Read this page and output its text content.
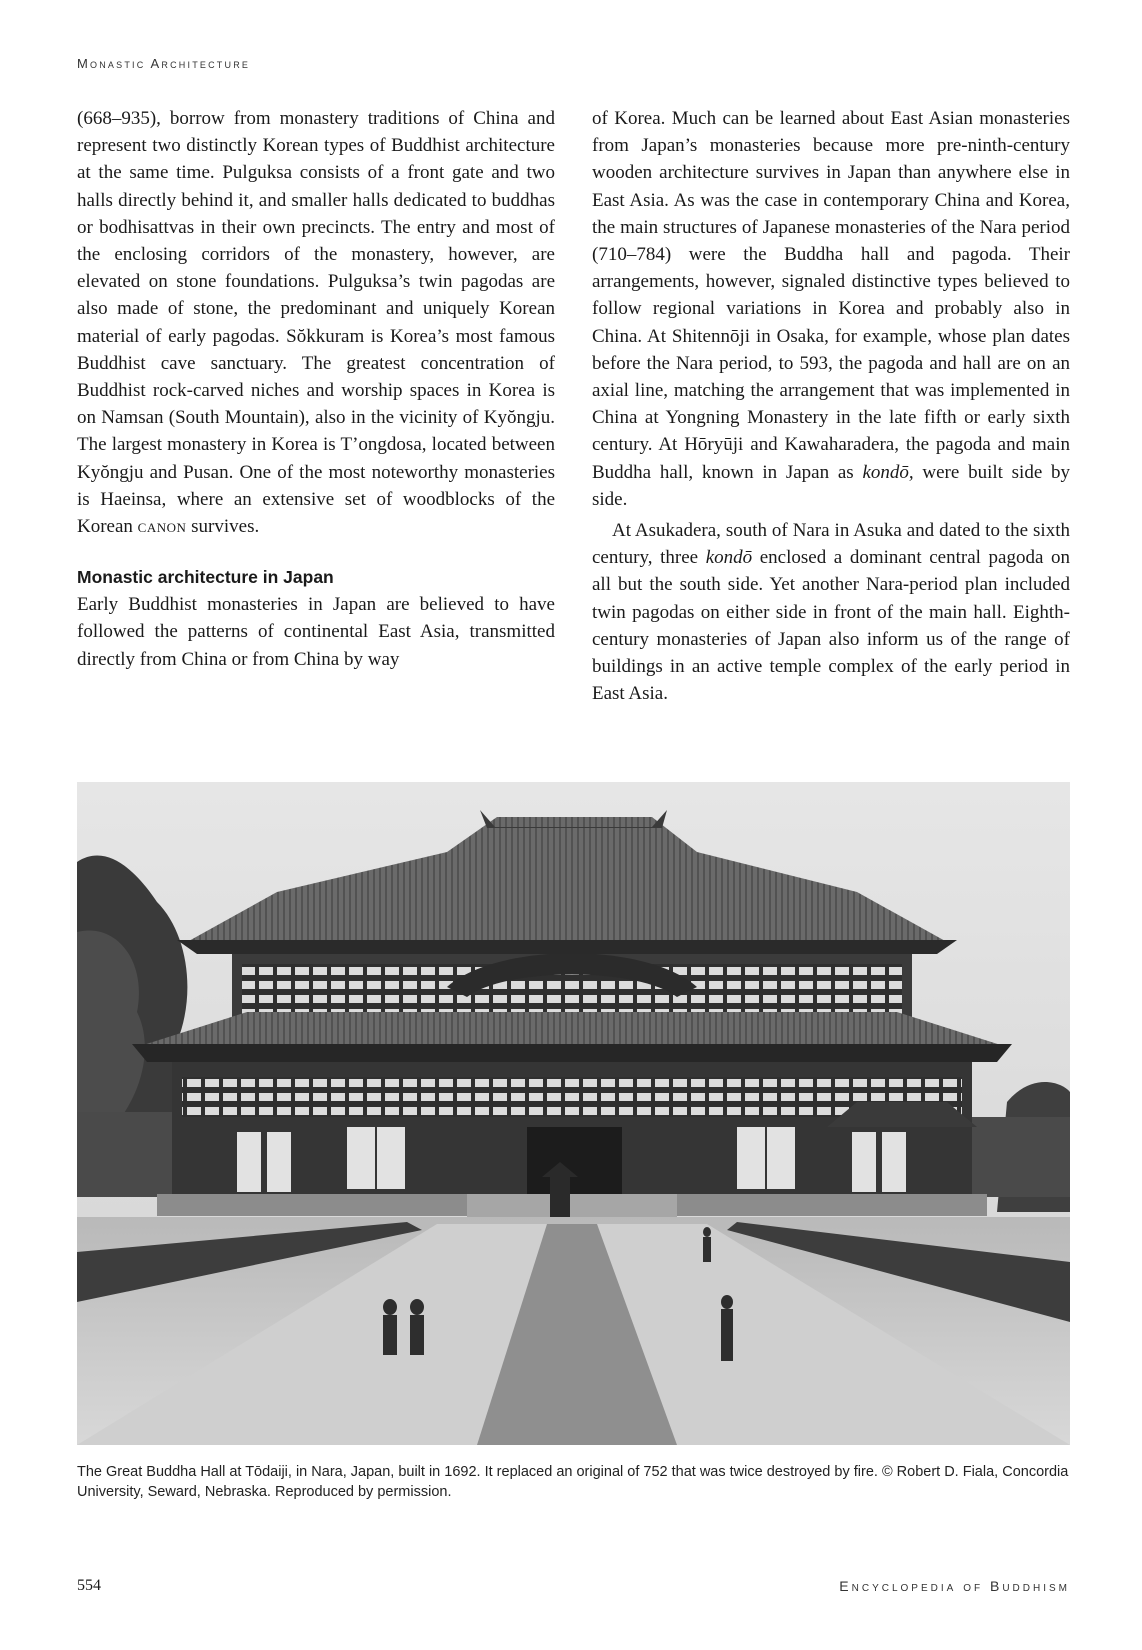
Monastic Architecture

(668–935), borrow from monastery traditions of China and represent two distinctly Korean types of Buddhist architecture at the same time. Pulguksa consists of a front gate and two halls directly behind it, and smaller halls dedicated to buddhas or bodhisattvas in their own precincts. The entry and most of the enclosing corridors of the monastery, however, are elevated on stone foundations. Pulguksa’s twin pagodas are also made of stone, the predominant and uniquely Korean material of early pagodas. Sŏkkuram is Korea’s most famous Buddhist cave sanctuary. The greatest concentration of Buddhist rock-carved niches and worship spaces in Korea is on Namsan (South Mountain), also in the vicinity of Kyŏngju. The largest monastery in Korea is T’ongdosa, located between Kyŏngju and Pusan. One of the most noteworthy monasteries is Haeinsa, where an extensive set of woodblocks of the Korean canon survives.

Monastic architecture in Japan

Early Buddhist monasteries in Japan are believed to have followed the patterns of continental East Asia, transmitted directly from China or from China by way

of Korea. Much can be learned about East Asian monasteries from Japan’s monasteries because more pre-ninth-century wooden architecture survives in Japan than anywhere else in East Asia. As was the case in contemporary China and Korea, the main structures of Japanese monasteries of the Nara period (710–784) were the Buddha hall and pagoda. Their arrangements, however, signaled distinctive types believed to follow regional variations in Korea and probably also in China. At Shitennōji in Osaka, for example, whose plan dates before the Nara period, to 593, the pagoda and hall are on an axial line, matching the arrangement that was implemented in China at Yongning Monastery in the late fifth or early sixth century. At Hōryūji and Kawaharadera, the pagoda and main Buddha hall, known in Japan as kondō, were built side by side.

At Asukadera, south of Nara in Asuka and dated to the sixth century, three kondō enclosed a dominant central pagoda on all but the south side. Yet another Nara-period plan included twin pagodas on either side in front of the main hall. Eighth-century monasteries of Japan also inform us of the range of buildings in an active temple complex of the early period in East Asia.

The Great Buddha Hall at Tōdaiji, in Nara, Japan, built in 1692. It replaced an original of 752 that was twice destroyed by fire. © Robert D. Fiala, Concordia University, Seward, Nebraska. Reproduced by permission.
554	Encyclopedia of Buddhism
